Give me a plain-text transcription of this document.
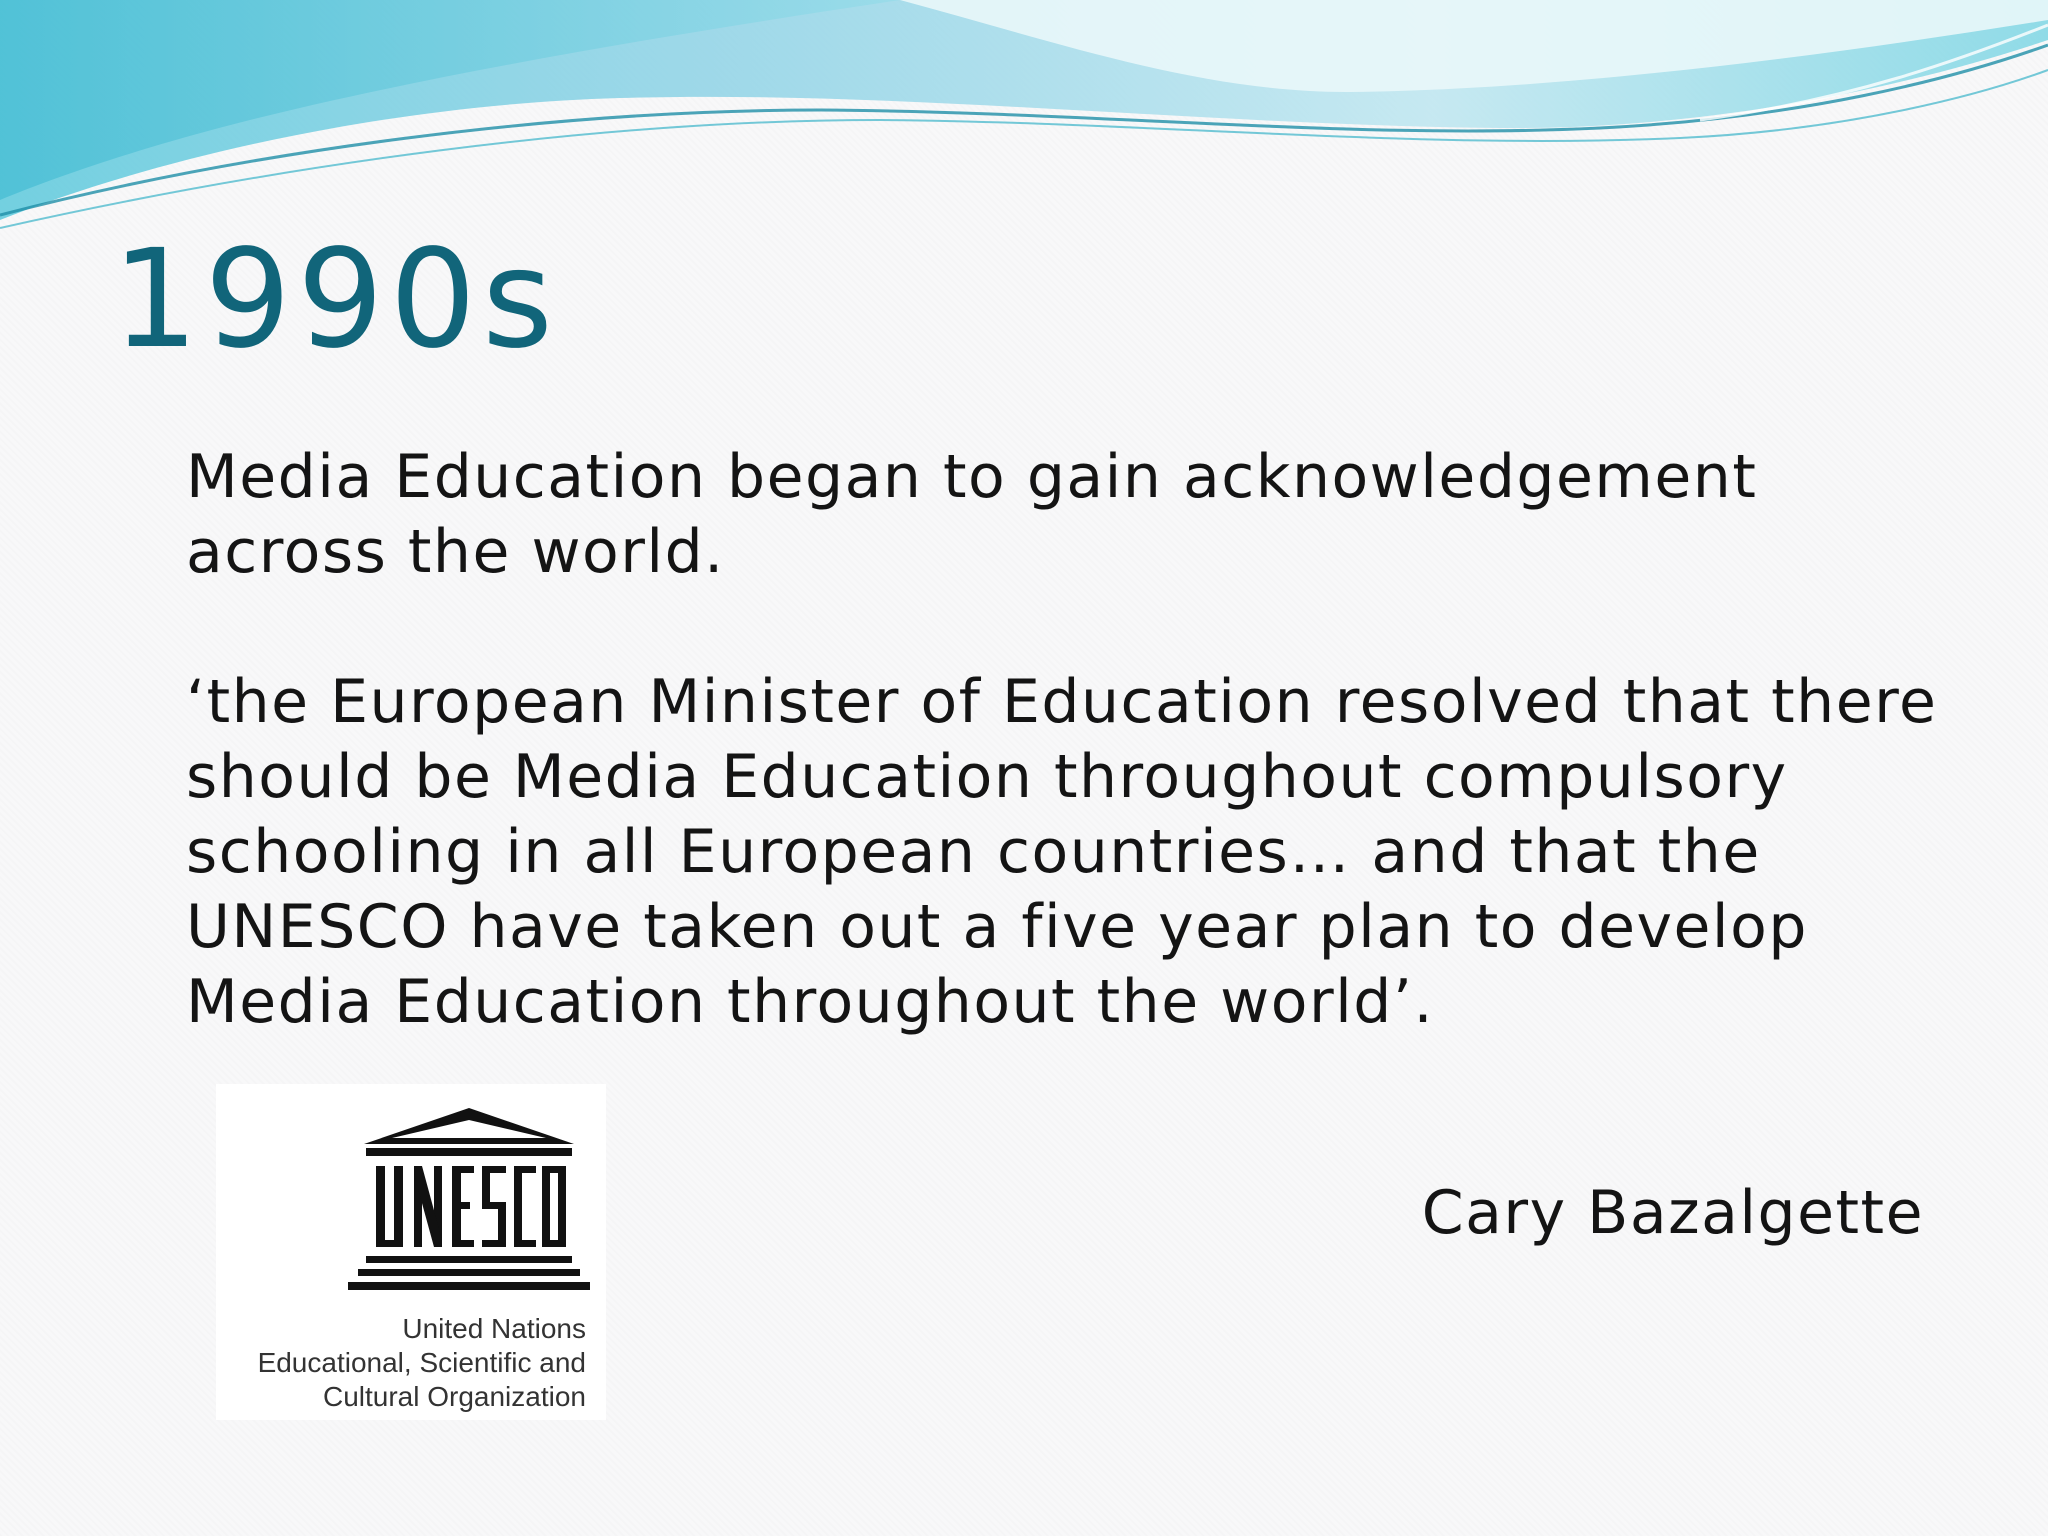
1990s

Media Education began to gain acknowledgement across the world.

‘the European Minister of Education resolved that there should be Media Education throughout compulsory schooling in all European countries… and that the UNESCO have taken out a five year plan to develop Media Education throughout the world’.

Cary Bazalgette
United Nations
Educational, Scientific and
Cultural Organization
